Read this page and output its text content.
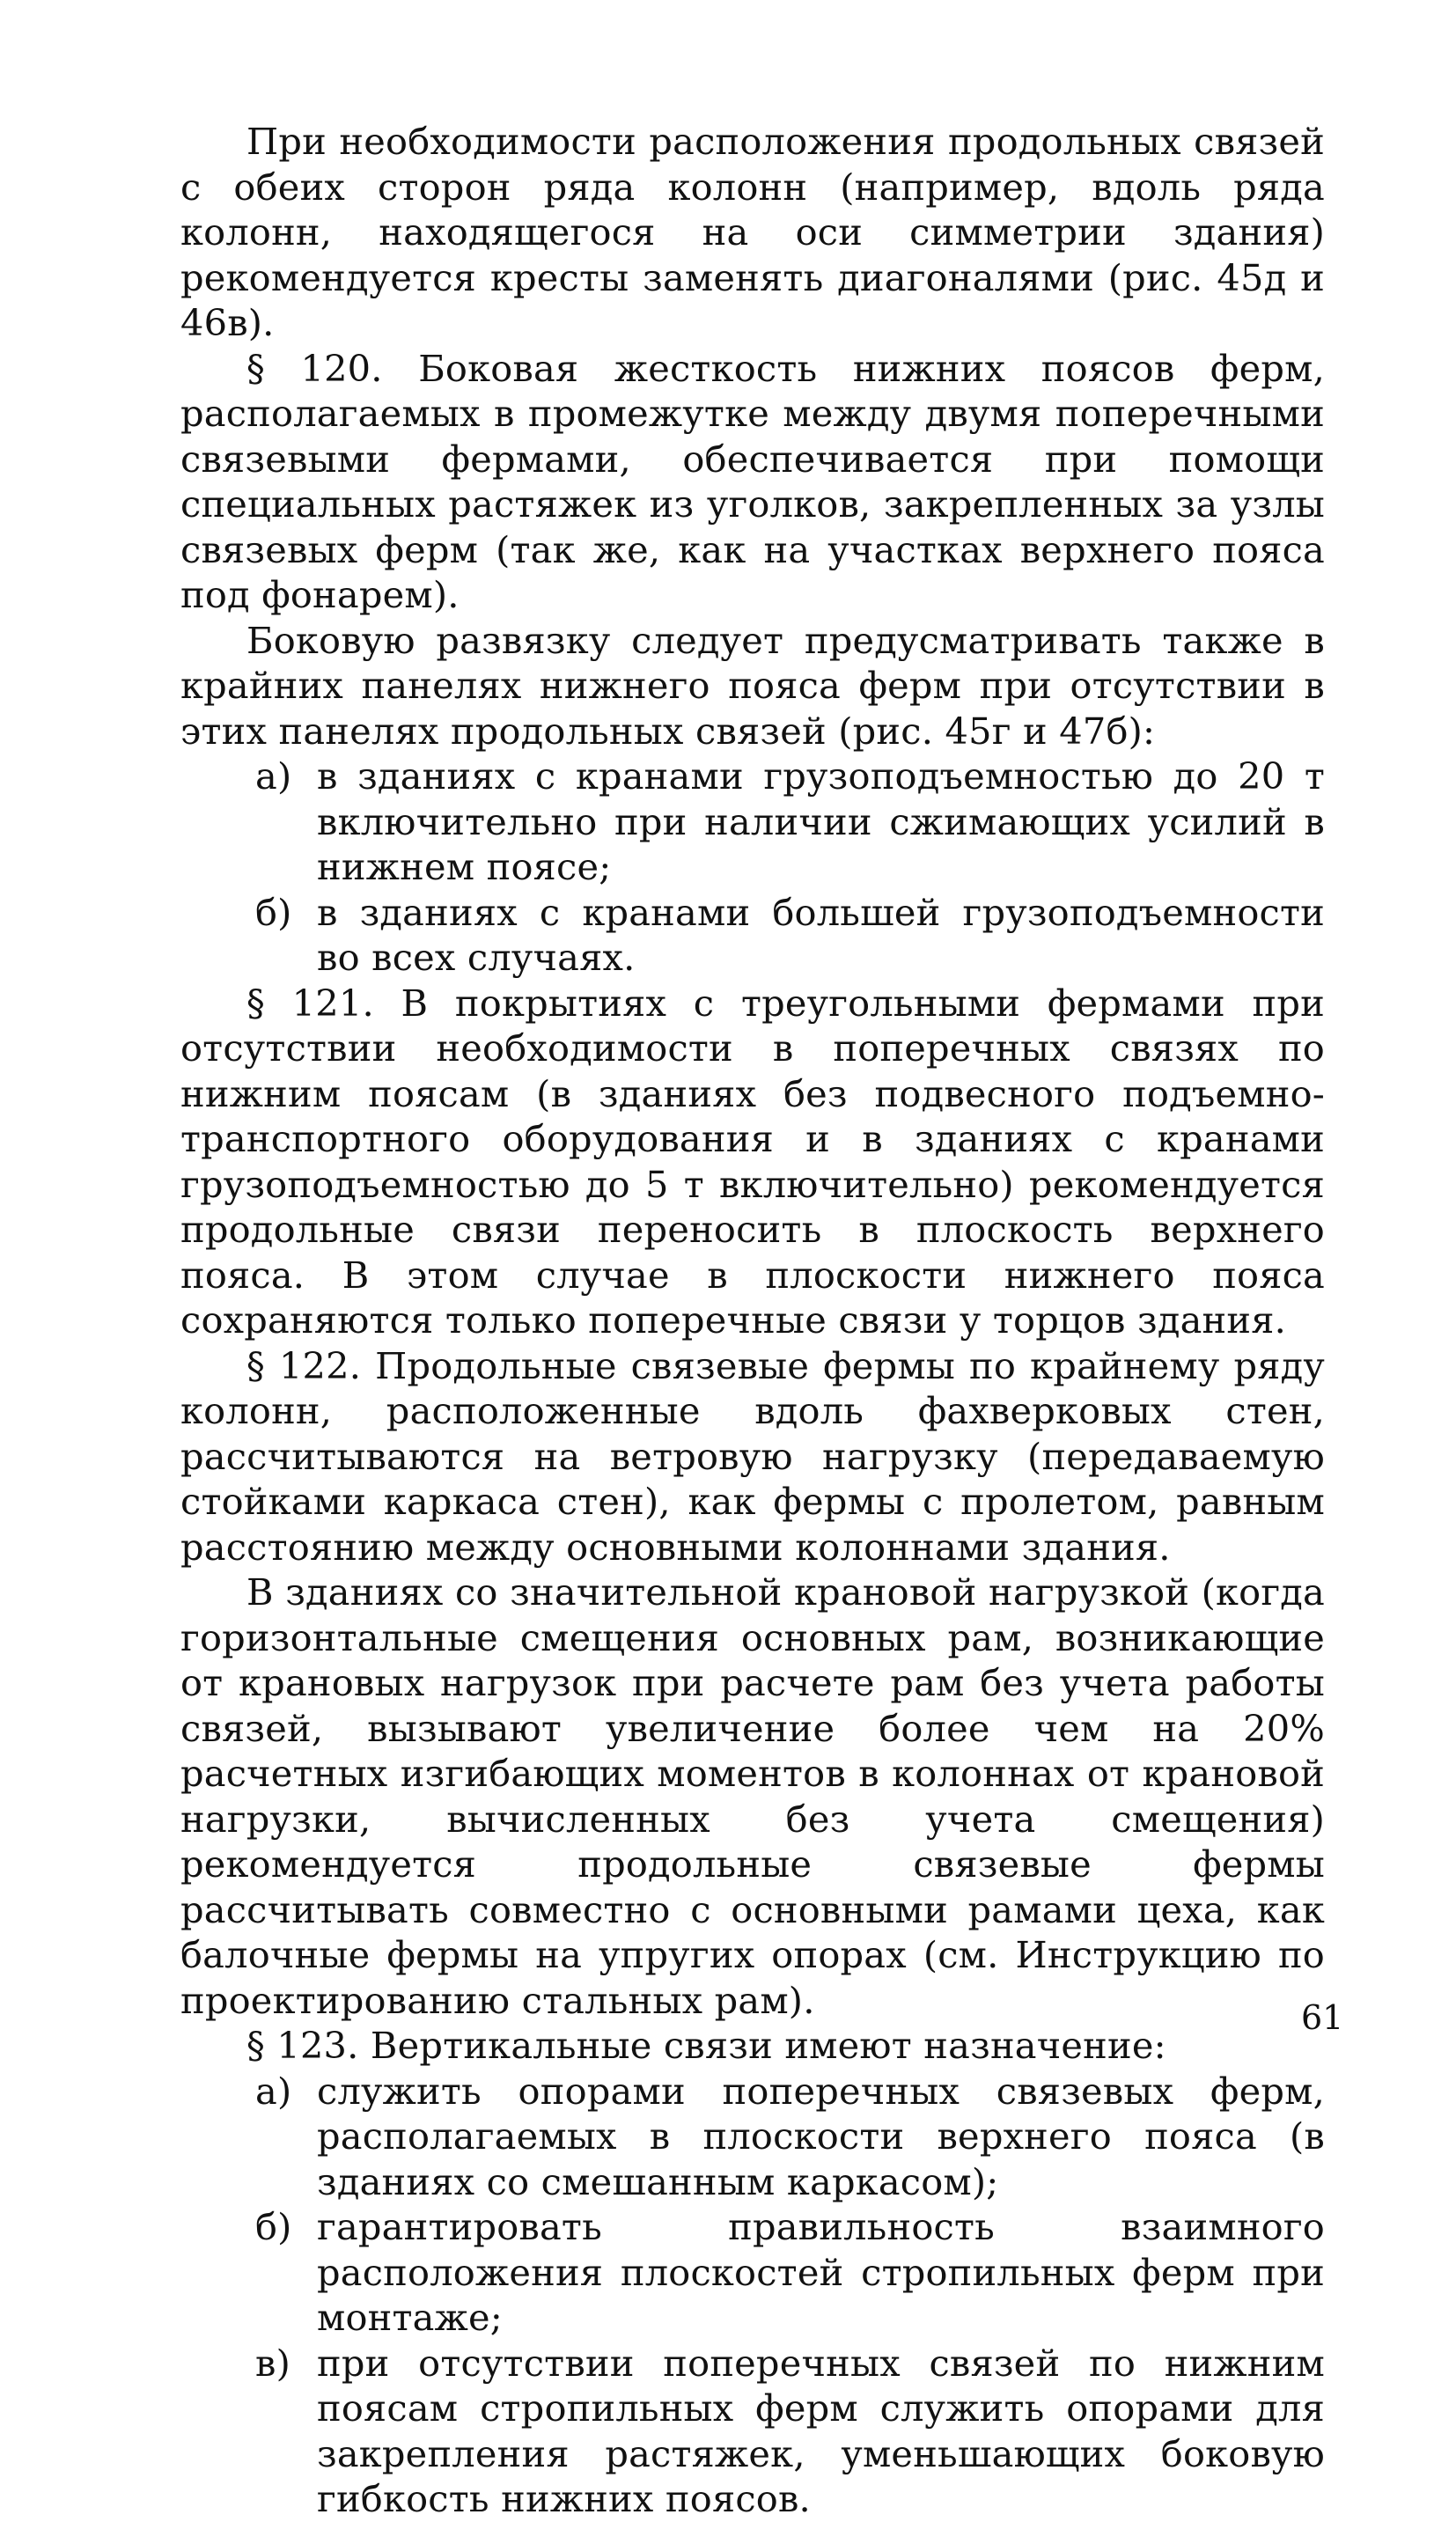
При необходимости расположения продольных связей с обеих сторон ряда колонн (например, вдоль ряда колонн, находящегося на оси симметрии здания) рекомендуется кресты заменять диагоналями (рис. 45д и 46в).

§ 120. Боковая жесткость нижних поясов ферм, располагаемых в промежутке между двумя поперечными связевыми фермами, обеспечивается при помощи специальных растяжек из уголков, закрепленных за узлы связевых ферм (так же, как на участках верхнего пояса под фонарем).

Боковую развязку следует предусматривать также в крайних панелях нижнего пояса ферм при отсутствии в этих панелях продольных связей (рис. 45г и 47б):

а) в зданиях с кранами грузоподъемностью до 20 т включительно при наличии сжимающих усилий в нижнем поясе;
б) в зданиях с кранами большей грузоподъемности во всех случаях.

§ 121. В покрытиях с треугольными фермами при отсутствии необходимости в поперечных связях по нижним поясам (в зданиях без подвесного подъемно-транспортного оборудования и в зданиях с кранами грузоподъемностью до 5 т включительно) рекомендуется продольные связи переносить в плоскость верхнего пояса. В этом случае в плоскости нижнего пояса сохраняются только поперечные связи у торцов здания.

§ 122. Продольные связевые фермы по крайнему ряду колонн, расположенные вдоль фахверковых стен, рассчитываются на ветровую нагрузку (передаваемую стойками каркаса стен), как фермы с пролетом, равным расстоянию между основными колоннами здания.

В зданиях со значительной крановой нагрузкой (когда горизонтальные смещения основных рам, возникающие от крановых нагрузок при расчете рам без учета работы связей, вызывают увеличение более чем на 20% расчетных изгибающих моментов в колоннах от крановой нагрузки, вычисленных без учета смещения) рекомендуется продольные связевые фермы рассчитывать совместно с основными рамами цеха, как балочные фермы на упругих опорах (см. Инструкцию по проектированию стальных рам).

§ 123. Вертикальные связи имеют назначение:

а) служить опорами поперечных связевых ферм, располагаемых в плоскости верхнего пояса (в зданиях со смешанным каркасом);
б) гарантировать правильность взаимного расположения плоскостей стропильных ферм при монтаже;
в) при отсутствии поперечных связей по нижним поясам стропильных ферм служить опорами для закрепления растяжек, уменьшающих боковую гибкость нижних поясов.
61
